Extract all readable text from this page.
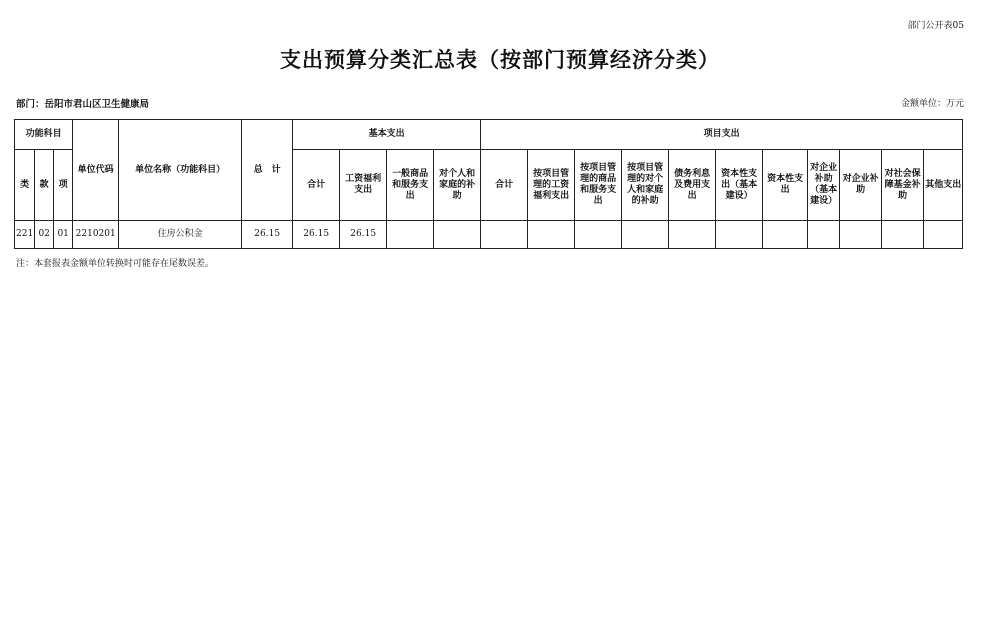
部门公开表05
支出预算分类汇总表（按部门预算经济分类）
部门：岳阳市君山区卫生健康局	金额单位：万元
功能科目			单位代码	单位名称（功能科目）	总　计	基本支出				项目支出										
类	款	项				合计	工资福利支出	一般商品和服务支出	对个人和家庭的补助	合计	按项目管理的工资福利支出	按项目管理的商品和服务支出	按项目管理的对个人和家庭的补助	债务利息及费用支出	资本性支出（基本建设）	资本性支出	对企业补助（基本建设）	对企业补助	对社会保障基金补助	其他支出
221	02	01	2210201	住房公积金	26.15	26.15	26.15													
注：本套报表金额单位转换时可能存在尾数误差。
